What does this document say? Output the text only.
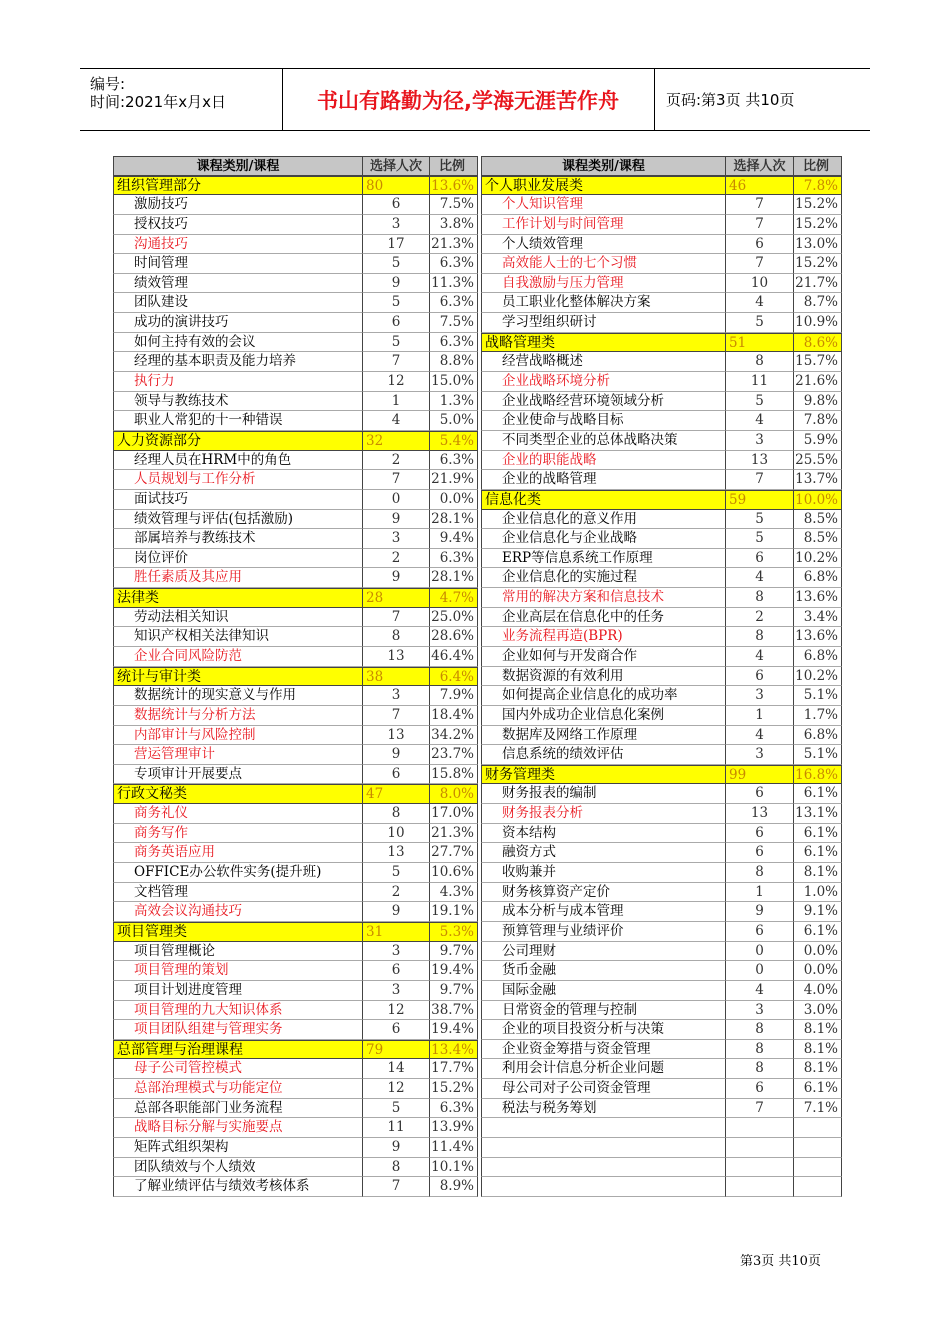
编号:
时间:2021年x月x日	书山有路勤为径,学海无涯苦作舟	页码:第3页 共10页
课程类别/课程	选择人次	比例
组织管理部分	80	13.6%
激励技巧	6	7.5%
授权技巧	3	3.8%
沟通技巧	17	21.3%
时间管理	5	6.3%
绩效管理	9	11.3%
团队建设	5	6.3%
成功的演讲技巧	6	7.5%
如何主持有效的会议	5	6.3%
经理的基本职责及能力培养	7	8.8%
执行力	12	15.0%
领导与教练技术	1	1.3%
职业人常犯的十一种错误	4	5.0%
人力资源部分	32	5.4%
经理人员在HRM中的角色	2	6.3%
人员规划与工作分析	7	21.9%
面试技巧	0	0.0%
绩效管理与评估(包括激励)	9	28.1%
部属培养与教练技术	3	9.4%
岗位评价	2	6.3%
胜任素质及其应用	9	28.1%
法律类	28	4.7%
劳动法相关知识	7	25.0%
知识产权相关法律知识	8	28.6%
企业合同风险防范	13	46.4%
统计与审计类	38	6.4%
数据统计的现实意义与作用	3	7.9%
数据统计与分析方法	7	18.4%
内部审计与风险控制	13	34.2%
营运管理审计	9	23.7%
专项审计开展要点	6	15.8%
行政文秘类	47	8.0%
商务礼仪	8	17.0%
商务写作	10	21.3%
商务英语应用	13	27.7%
OFFICE办公软件实务(提升班)	5	10.6%
文档管理	2	4.3%
高效会议沟通技巧	9	19.1%
项目管理类	31	5.3%
项目管理概论	3	9.7%
项目管理的策划	6	19.4%
项目计划进度管理	3	9.7%
项目管理的九大知识体系	12	38.7%
项目团队组建与管理实务	6	19.4%
总部管理与治理课程	79	13.4%
母子公司管控模式	14	17.7%
总部治理模式与功能定位	12	15.2%
总部各职能部门业务流程	5	6.3%
战略目标分解与实施要点	11	13.9%
矩阵式组织架构	9	11.4%
团队绩效与个人绩效	8	10.1%
了解业绩评估与绩效考核体系	7	8.9%
课程类别/课程	选择人次	比例
个人职业发展类	46	7.8%
个人知识管理	7	15.2%
工作计划与时间管理	7	15.2%
个人绩效管理	6	13.0%
高效能人士的七个习惯	7	15.2%
自我激励与压力管理	10	21.7%
员工职业化整体解决方案	4	8.7%
学习型组织研讨	5	10.9%
战略管理类	51	8.6%
经营战略概述	8	15.7%
企业战略环境分析	11	21.6%
企业战略经营环境领域分析	5	9.8%
企业使命与战略目标	4	7.8%
不同类型企业的总体战略决策	3	5.9%
企业的职能战略	13	25.5%
企业的战略管理	7	13.7%
信息化类	59	10.0%
企业信息化的意义作用	5	8.5%
企业信息化与企业战略	5	8.5%
ERP等信息系统工作原理	6	10.2%
企业信息化的实施过程	4	6.8%
常用的解决方案和信息技术	8	13.6%
企业高层在信息化中的任务	2	3.4%
业务流程再造(BPR)	8	13.6%
企业如何与开发商合作	4	6.8%
数据资源的有效利用	6	10.2%
如何提高企业信息化的成功率	3	5.1%
国内外成功企业信息化案例	1	1.7%
数据库及网络工作原理	4	6.8%
信息系统的绩效评估	3	5.1%
财务管理类	99	16.8%
财务报表的编制	6	6.1%
财务报表分析	13	13.1%
资本结构	6	6.1%
融资方式	6	6.1%
收购兼并	8	8.1%
财务核算资产定价	1	1.0%
成本分析与成本管理	9	9.1%
预算管理与业绩评价	6	6.1%
公司理财	0	0.0%
货币金融	0	0.0%
国际金融	4	4.0%
日常资金的管理与控制	3	3.0%
企业的项目投资分析与决策	8	8.1%
企业资金筹措与资金管理	8	8.1%
利用会计信息分析企业问题	8	8.1%
母公司对子公司资金管理	6	6.1%
税法与税务筹划	7	7.1%
第3页 共10页
